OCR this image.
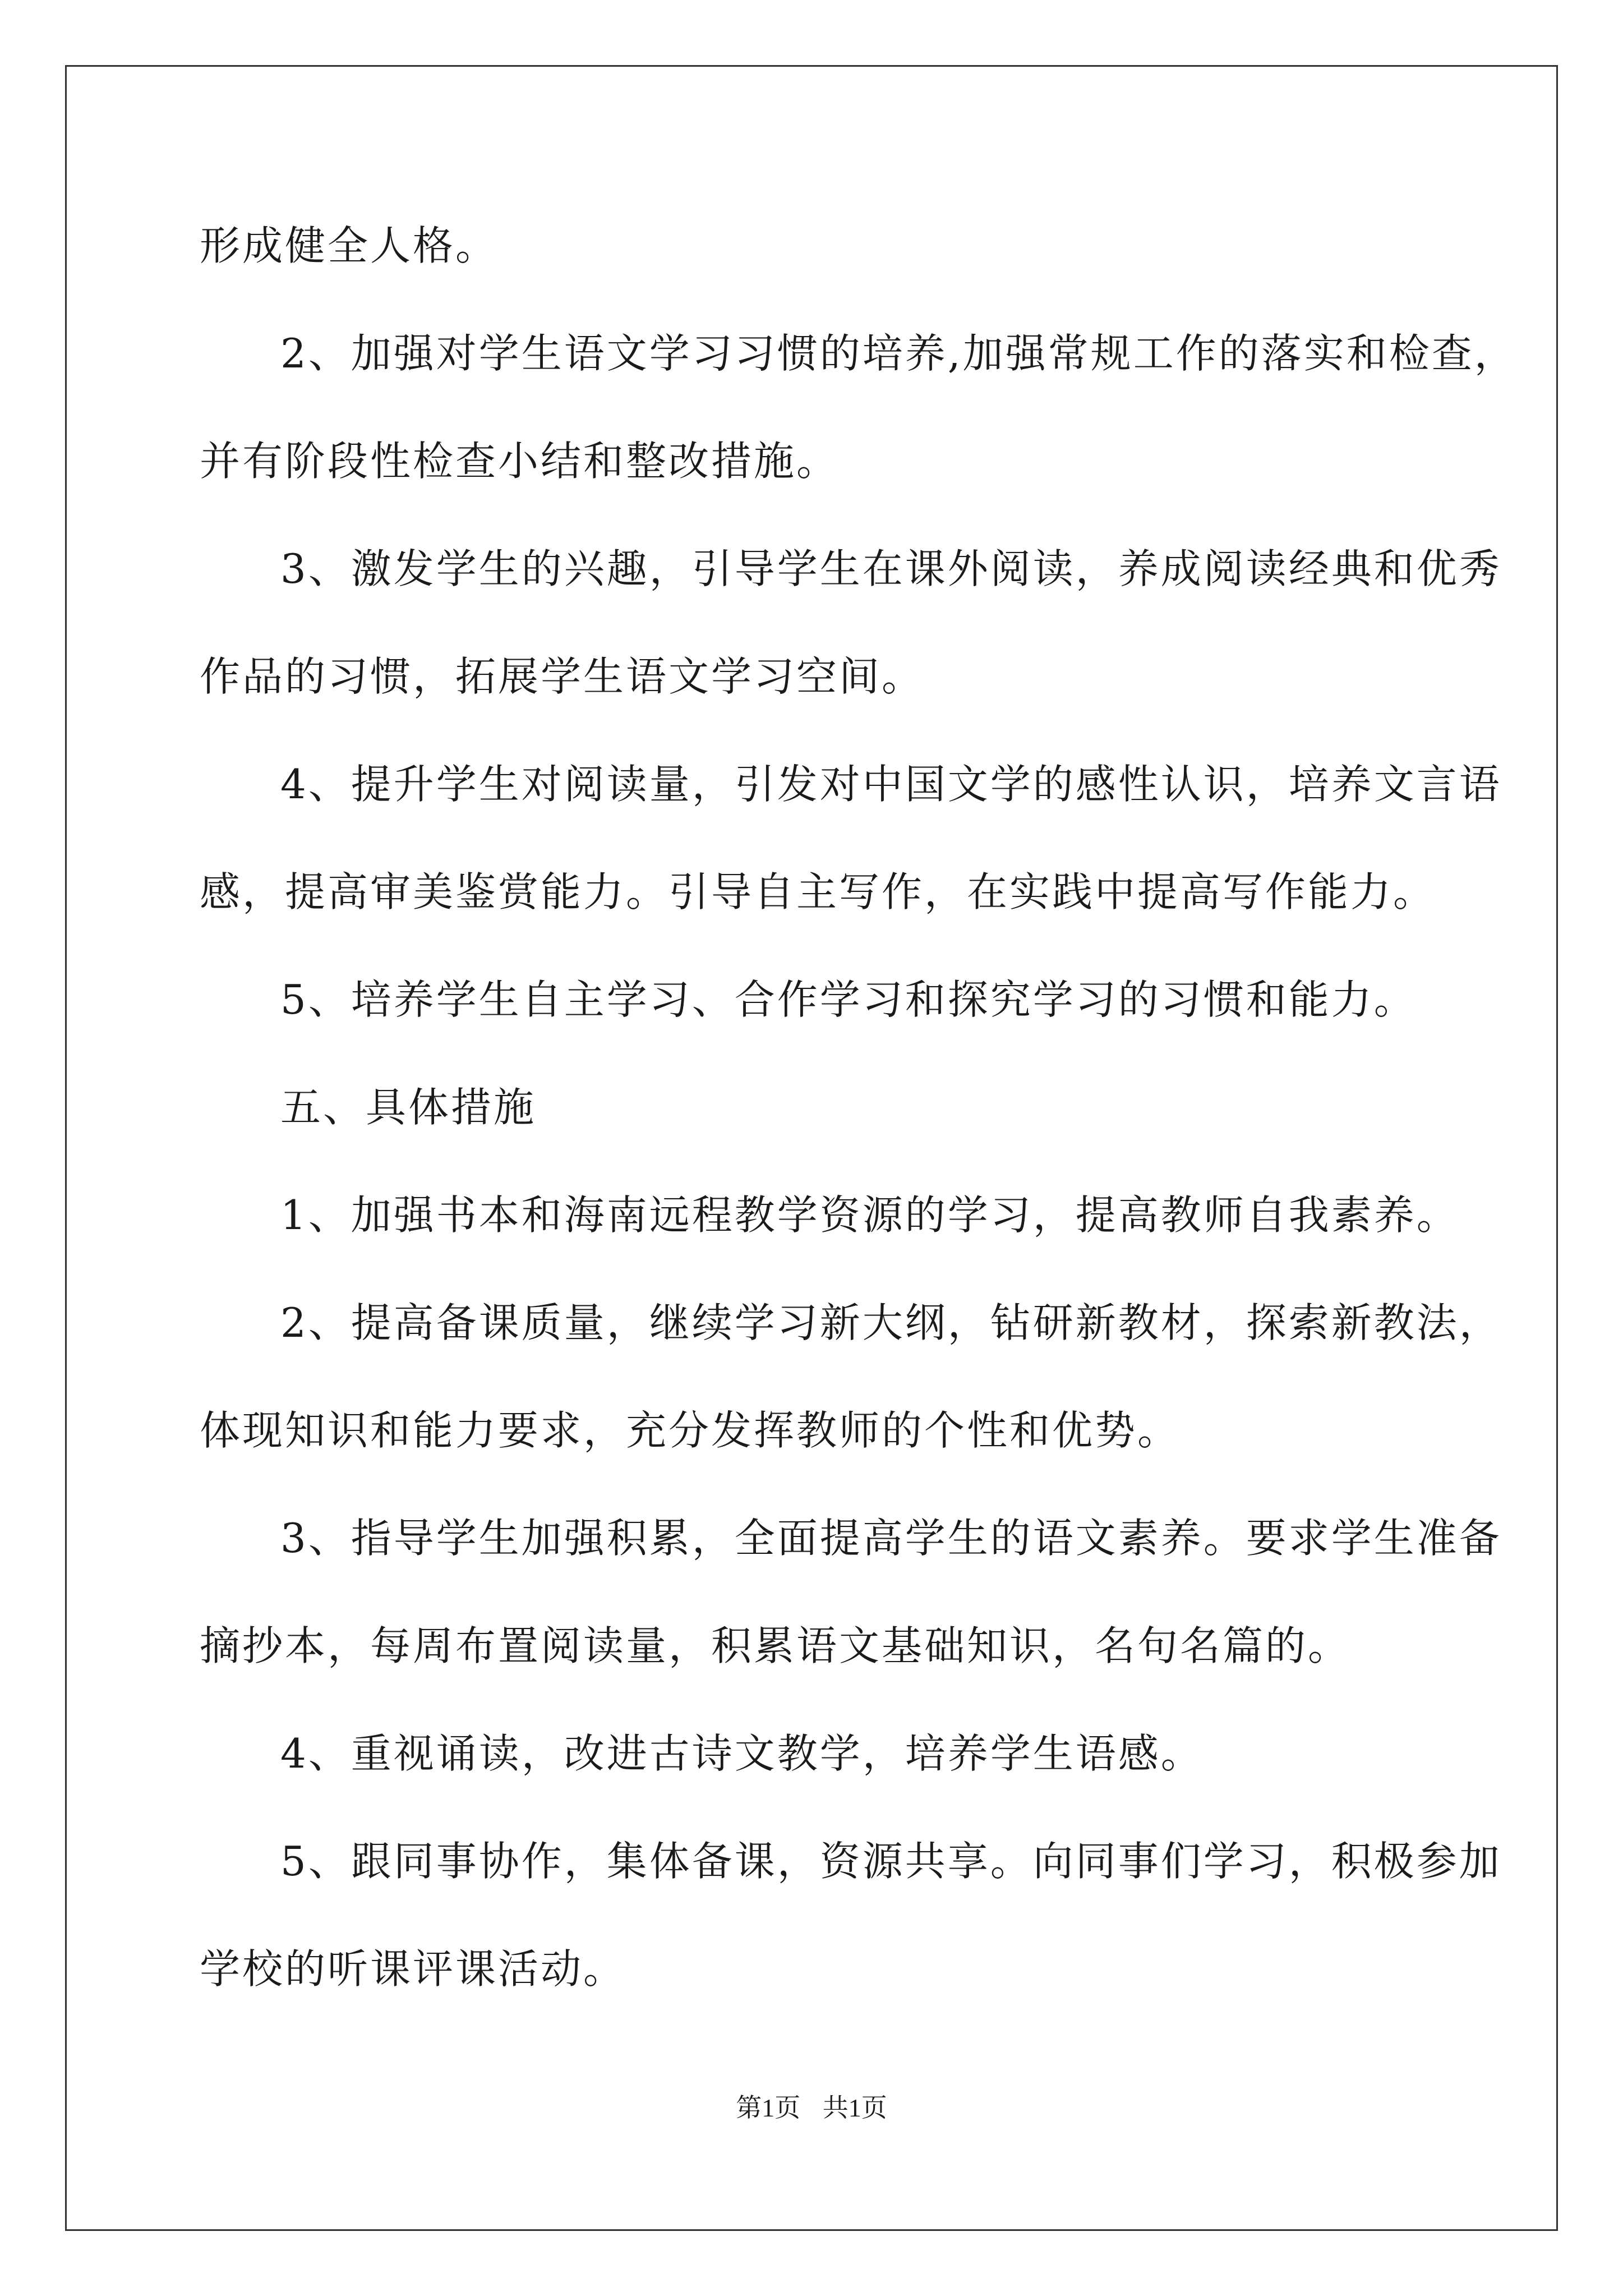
形成健全人格。
2、加强对学生语文学习习惯的培养,加强常规工作的落实和检查，
并有阶段性检查小结和整改措施。
3、激发学生的兴趣，引导学生在课外阅读，养成阅读经典和优秀
作品的习惯，拓展学生语文学习空间。
4、提升学生对阅读量，引发对中国文学的感性认识，培养文言语
感，提高审美鉴赏能力。引导自主写作，在实践中提高写作能力。
5、培养学生自主学习、合作学习和探究学习的习惯和能力。
五、具体措施
1、加强书本和海南远程教学资源的学习，提高教师自我素养。
2、提高备课质量，继续学习新大纲，钻研新教材，探索新教法，
体现知识和能力要求，充分发挥教师的个性和优势。
3、指导学生加强积累，全面提高学生的语文素养。要求学生准备
摘抄本，每周布置阅读量，积累语文基础知识，名句名篇的。
4、重视诵读，改进古诗文教学，培养学生语感。
5、跟同事协作，集体备课，资源共享。向同事们学习，积极参加
学校的听课评课活动。
第1页 共1页
